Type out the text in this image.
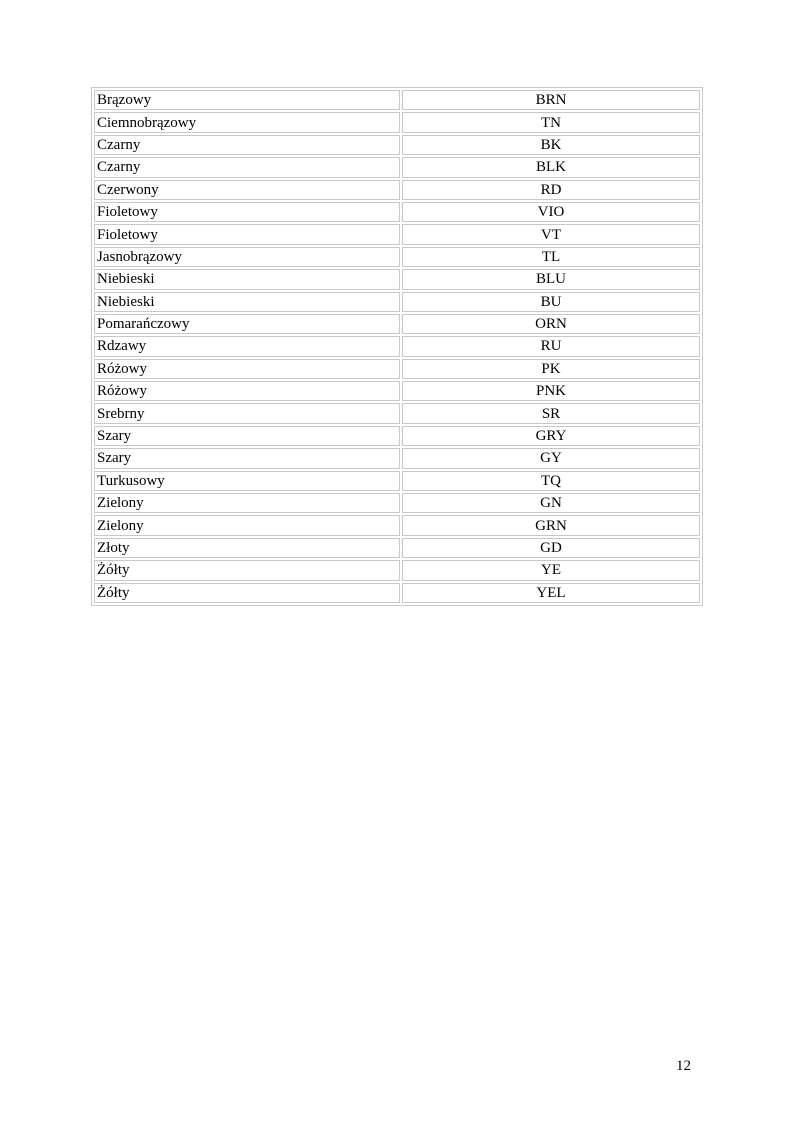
Brązowy	BRN
Ciemnobrązowy	TN
Czarny	BK
Czarny	BLK
Czerwony	RD
Fioletowy	VIO
Fioletowy	VT
Jasnobrązowy	TL
Niebieski	BLU
Niebieski	BU
Pomarańczowy	ORN
Rdzawy	RU
Różowy	PK
Różowy	PNK
Srebrny	SR
Szary	GRY
Szary	GY
Turkusowy	TQ
Zielony	GN
Zielony	GRN
Złoty	GD
Żółty	YE
Żółty	YEL
12
